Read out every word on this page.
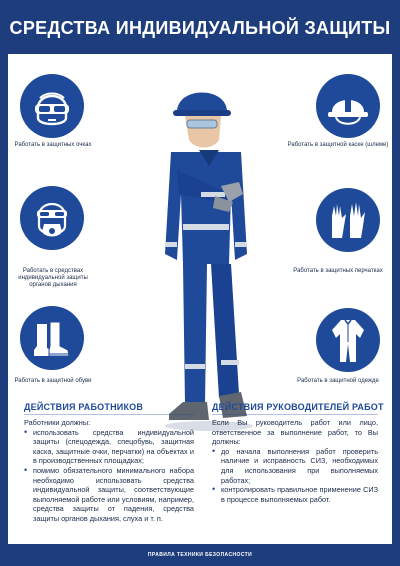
СРЕДСТВА ИНДИВИДУАЛЬНОЙ ЗАЩИТЫ
Работать в защитных очках
Работать в средствах индивидуальной защиты органов дыхания
Работать в защитной обуви
Работать в защитной каске (шлеме)
Работать в защитных перчатках
Работать в защитной одежде
ДЕЙСТВИЯ РАБОТНИКОВ

Работники должны:

• использовать средства индивидуальной защиты (спецодежда, спецобувь, защитная каска, защитные очки, перчатки) на объектах и в производственных площадках;
• помимо обязательного минимального набора необходимо использовать средства индивидуальной защиты, соответствующие выполняемой работе или условиям, например, средства защиты от падения, средства защиты органов дыхания, слуха и т. п.
ДЕЙСТВИЯ РУКОВОДИТЕЛЕЙ РАБОТ

Если Вы руководитель работ или лицо, ответственное за выполнение работ, то Вы должны:

• до начала выполнения работ проверить наличие и исправность СИЗ, необходимых для использования при выполняемых работах;
• контролировать правильное применение СИЗ в процессе выполняемых работ.
ПРАВИЛА ТЕХНИКИ БЕЗОПАСНОСТИ
